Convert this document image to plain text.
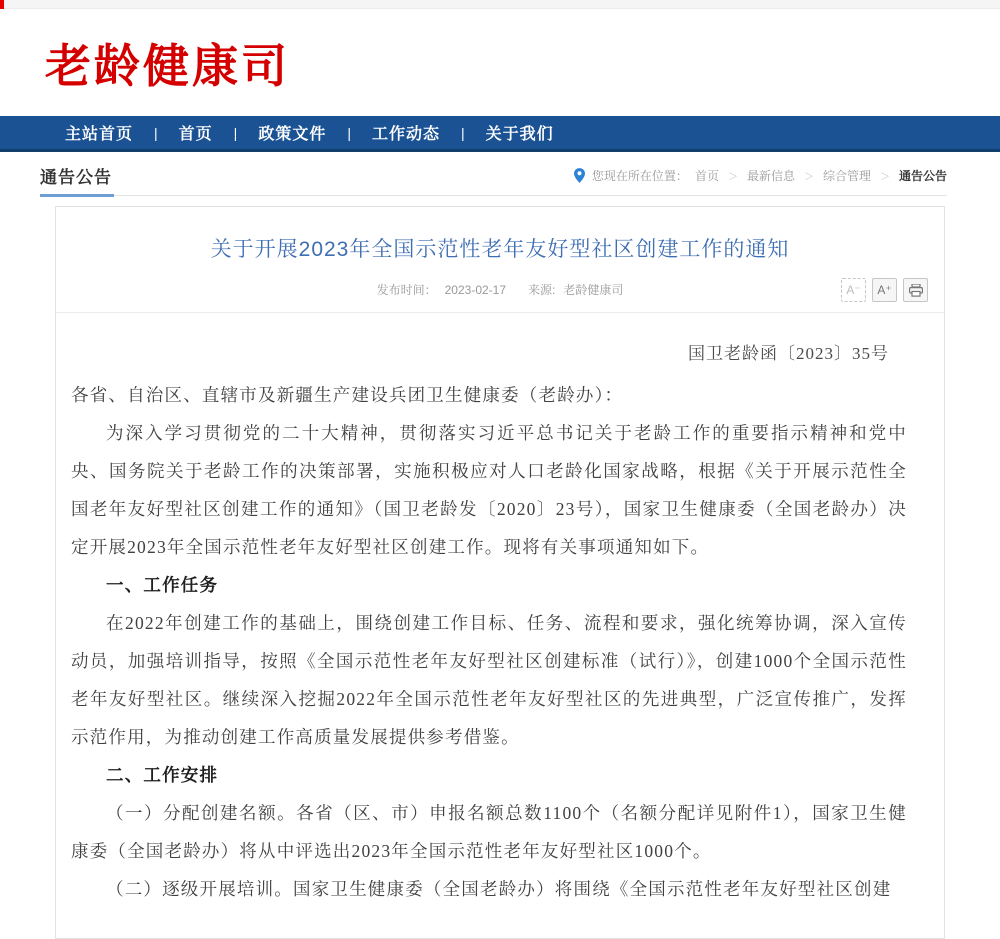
老龄健康司
主站首页	|	首页	|	政策文件	|	工作动态	|	关于我们
通告公告	您现在所在位置： 首页 ＞ 最新信息 ＞ 综合管理 ＞ 通告公告
关于开展2023年全国示范性老年友好型社区创建工作的通知
发布时间： 2023-02-17 来源: 老龄健康司	A⁻	A⁺
国卫老龄函〔2023〕35号

各省、自治区、直辖市及新疆生产建设兵团卫生健康委（老龄办）：

为深入学习贯彻党的二十大精神，贯彻落实习近平总书记关于老龄工作的重要指示精神和党中央、国务院关于老龄工作的决策部署，实施积极应对人口老龄化国家战略，根据《关于开展示范性全国老年友好型社区创建工作的通知》（国卫老龄发〔2020〕23号），国家卫生健康委（全国老龄办）决定开展2023年全国示范性老年友好型社区创建工作。现将有关事项通知如下。

一、工作任务

在2022年创建工作的基础上，围绕创建工作目标、任务、流程和要求，强化统筹协调，深入宣传动员，加强培训指导，按照《全国示范性老年友好型社区创建标准（试行）》，创建1000个全国示范性老年友好型社区。继续深入挖掘2022年全国示范性老年友好型社区的先进典型，广泛宣传推广，发挥示范作用，为推动创建工作高质量发展提供参考借鉴。

二、工作安排

（一）分配创建名额。各省（区、市）申报名额总数1100个（名额分配详见附件1），国家卫生健康委（全国老龄办）将从中评选出2023年全国示范性老年友好型社区1000个。

（二）逐级开展培训。国家卫生健康委（全国老龄办）将围绕《全国示范性老年友好型社区创建
